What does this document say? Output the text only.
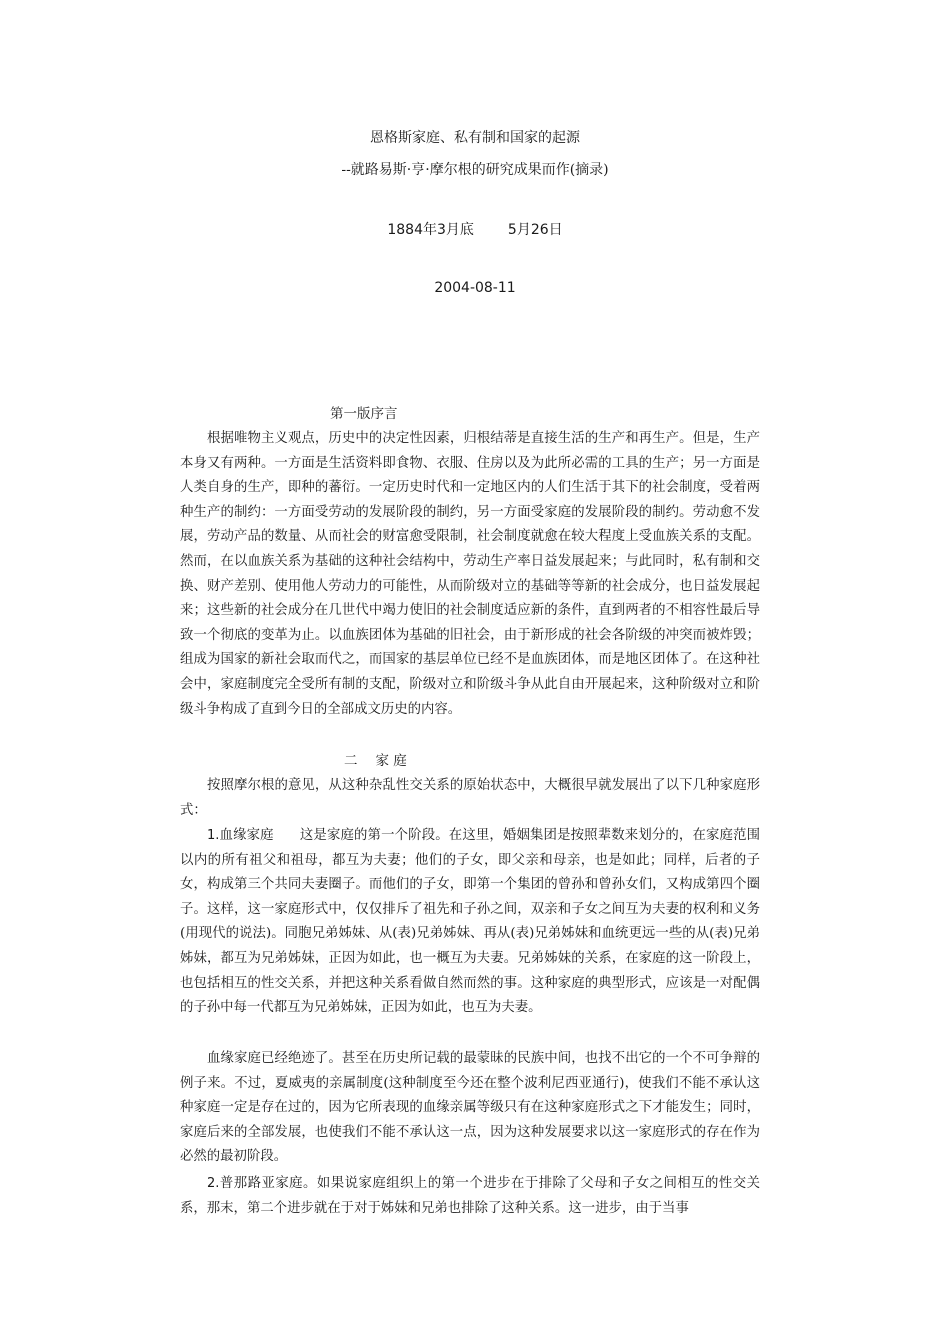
恩格斯家庭、私有制和国家的起源
--就路易斯·亨·摩尔根的研究成果而作(摘录)
1884年3月底 5月26日
2004-08-11
第一版序言

根据唯物主义观点，历史中的决定性因素，归根结蒂是直接生活的生产和再生产。但是，生产本身又有两种。一方面是生活资料即食物、衣服、住房以及为此所必需的工具的生产；另一方面是人类自身的生产，即种的蕃衍。一定历史时代和一定地区内的人们生活于其下的社会制度，受着两种生产的制约：一方面受劳动的发展阶段的制约，另一方面受家庭的发展阶段的制约。劳动愈不发展，劳动产品的数量、从而社会的财富愈受限制，社会制度就愈在较大程度上受血族关系的支配。然而，在以血族关系为基础的这种社会结构中，劳动生产率日益发展起来；与此同时，私有制和交换、财产差别、使用他人劳动力的可能性，从而阶级对立的基础等等新的社会成分，也日益发展起来；这些新的社会成分在几世代中竭力使旧的社会制度适应新的条件，直到两者的不相容性最后导致一个彻底的变革为止。以血族团体为基础的旧社会，由于新形成的社会各阶级的冲突而被炸毁；组成为国家的新社会取而代之，而国家的基层单位已经不是血族团体，而是地区团体了。在这种社会中，家庭制度完全受所有制的支配，阶级对立和阶级斗争从此自由开展起来，这种阶级对立和阶级斗争构成了直到今日的全部成文历史的内容。

二 家 庭

按照摩尔根的意见，从这种杂乱性交关系的原始状态中，大概很早就发展出了以下几种家庭形式：

1.血缘家庭 这是家庭的第一个阶段。在这里，婚姻集团是按照辈数来划分的，在家庭范围以内的所有祖父和祖母，都互为夫妻；他们的子女，即父亲和母亲，也是如此；同样，后者的子女，构成第三个共同夫妻圈子。而他们的子女，即第一个集团的曾孙和曾孙女们，又构成第四个圈子。这样，这一家庭形式中，仅仅排斥了祖先和子孙之间，双亲和子女之间互为夫妻的权利和义务(用现代的说法)。同胞兄弟姊妹、从(表)兄弟姊妹、再从(表)兄弟姊妹和血统更远一些的从(表)兄弟姊妹，都互为兄弟姊妹，正因为如此，也一概互为夫妻。兄弟姊妹的关系，在家庭的这一阶段上，也包括相互的性交关系，并把这种关系看做自然而然的事。这种家庭的典型形式，应该是一对配偶的子孙中每一代都互为兄弟姊妹，正因为如此，也互为夫妻。

血缘家庭已经绝迹了。甚至在历史所记载的最蒙昧的民族中间，也找不出它的一个不可争辩的例子来。不过，夏威夷的亲属制度(这种制度至今还在整个波利尼西亚通行)，使我们不能不承认这种家庭一定是存在过的，因为它所表现的血缘亲属等级只有在这种家庭形式之下才能发生；同时，家庭后来的全部发展，也使我们不能不承认这一点，因为这种发展要求以这一家庭形式的存在作为必然的最初阶段。

2.普那路亚家庭。如果说家庭组织上的第一个进步在于排除了父母和子女之间相互的性交关系，那末，第二个进步就在于对于姊妹和兄弟也排除了这种关系。这一进步，由于当事
